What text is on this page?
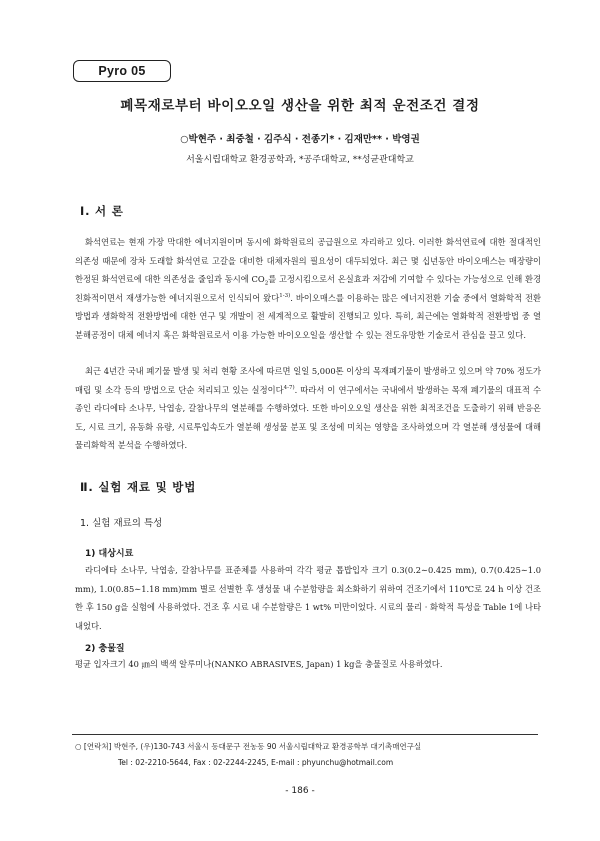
Pyro 05
폐목재로부터 바이오오일 생산을 위한 최적 운전조건 결정
○박현주 · 최중철 · 김주식 · 전종기* · 김재만** · 박영권
서울시립대학교 환경공학과, *공주대학교, **성균관대학교
Ⅰ. 서 론

화석연료는 현재 가장 막대한 에너지원이며 동시에 화학원료의 공급원으로 자리하고 있다. 이러한 화석연료에 대한 절대적인 의존성 때문에 장차 도래할 화석연료 고갈을 대비한 대체자원의 필요성이 대두되었다. 최근 몇 십년동안 바이오매스는 매장량이 한정된 화석연료에 대한 의존성을 줄임과 동시에 $CO_2$를 고정시킴으로서 온실효과 저감에 기여할 수 있다는 가능성으로 인해 환경친화적이면서 재생가능한 에너지원으로서 인식되어 왔다$^{1-3)}$. 바이오매스를 이용하는 많은 에너지전환 기술 중에서 열화학적 전환방법과 생화학적 전환방법에 대한 연구 및 개발이 전 세계적으로 활발히 진행되고 있다. 특히, 최근에는 열화학적 전환방법 중 열분해공정이 대체 에너지 혹은 화학원료로서 이용 가능한 바이오오일을 생산할 수 있는 전도유망한 기술로서 관심을 끌고 있다.

최근 4년간 국내 폐기물 발생 및 처리 현황 조사에 따르면 일일 5,000톤 이상의 목재폐기물이 발생하고 있으며 약 70% 정도가 매립 및 소각 등의 방법으로 단순 처리되고 있는 실정이다$^{4-7)}$. 따라서 이 연구에서는 국내에서 발생하는 목재 폐기물의 대표적 수종인 라디에타 소나무, 낙엽송, 갈참나무의 열분해를 수행하였다. 또한 바이오오일 생산을 위한 최적조건을 도출하기 위해 반응온도, 시료 크기, 유동화 유량, 시료투입속도가 열분해 생성물 분포 및 조성에 미치는 영향을 조사하였으며 각 열분해 생성물에 대해 물리화학적 분석을 수행하였다.

Ⅱ. 실험 재료 및 방법
1. 실험 재료의 특성
1) 대상시료

라디에타 소나무, 낙엽송, 갈참나무를 표준체를 사용하여 각각 평균 톱밥입자 크기 0.3(0.2∼0.425 mm), 0.7(0.425∼1.0 mm), 1.0(0.85∼1.18 mm)mm 별로 선별한 후 생성물 내 수분함량을 최소화하기 위하여 건조기에서 110℃로 24 h 이상 건조한 후 150 g을 실험에 사용하였다. 건조 후 시료 내 수분함량은 1 wt% 미만이었다. 시료의 물리 · 화학적 특성을 Table 1에 나타내었다.

2) 충물질

평균 입자크기 40 ㎛의 백색 알루미나(NANKO ABRASIVES, Japan) 1 kg을 충물질로 사용하였다.

○ [연락처] 박현주, (우)130-743 서울시 동대문구 전농동 90 서울시립대학교 환경공학부 대기촉매연구실
Tel : 02-2210-5644, Fax : 02-2244-2245, E-mail : phyunchu@hotmail.com
- 186 -
